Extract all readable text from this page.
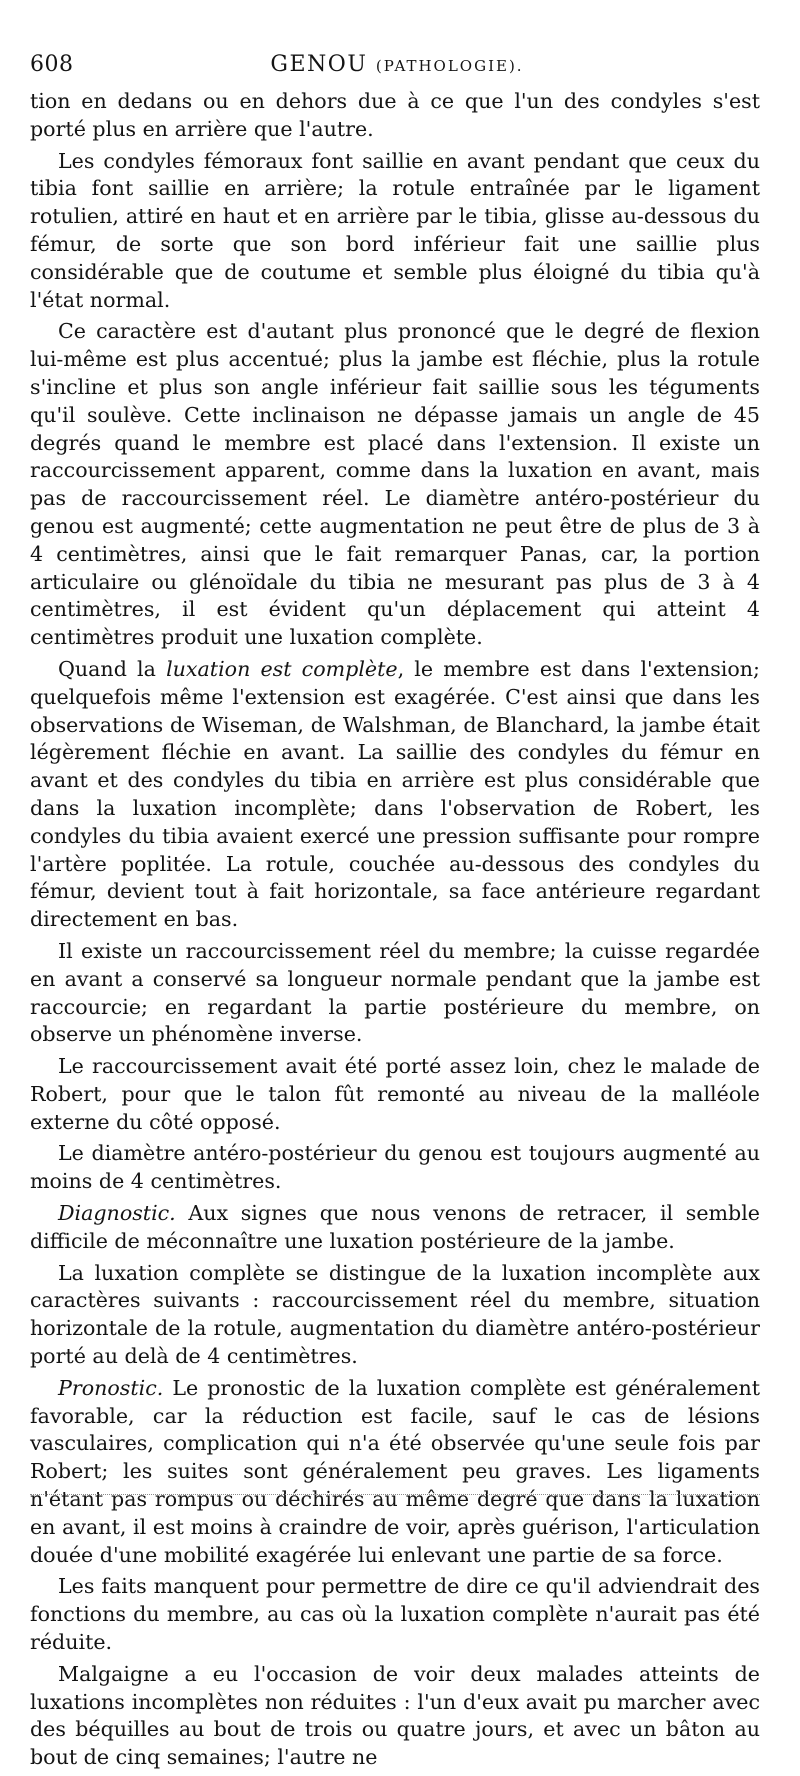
608	GENOU (PATHOLOGIE).

tion en dedans ou en dehors due à ce que l'un des condyles s'est porté plus en arrière que l'autre.

Les condyles fémoraux font saillie en avant pendant que ceux du tibia font saillie en arrière; la rotule entraînée par le ligament rotulien, attiré en haut et en arrière par le tibia, glisse au-dessous du fémur, de sorte que son bord inférieur fait une saillie plus considérable que de coutume et semble plus éloigné du tibia qu'à l'état normal.

Ce caractère est d'autant plus prononcé que le degré de flexion lui-même est plus accentué; plus la jambe est fléchie, plus la rotule s'incline et plus son angle inférieur fait saillie sous les téguments qu'il soulève. Cette inclinaison ne dépasse jamais un angle de 45 degrés quand le membre est placé dans l'extension. Il existe un raccourcissement apparent, comme dans la luxation en avant, mais pas de raccourcissement réel. Le diamètre antéro-postérieur du genou est augmenté; cette augmentation ne peut être de plus de 3 à 4 centimètres, ainsi que le fait remarquer Panas, car, la portion articulaire ou glénoïdale du tibia ne mesurant pas plus de 3 à 4 centimètres, il est évident qu'un déplacement qui atteint 4 centimètres produit une luxation complète.

Quand la luxation est complète, le membre est dans l'extension; quelquefois même l'extension est exagérée. C'est ainsi que dans les observations de Wiseman, de Walshman, de Blanchard, la jambe était légèrement fléchie en avant. La saillie des condyles du fémur en avant et des condyles du tibia en arrière est plus considérable que dans la luxation incomplète; dans l'observation de Robert, les condyles du tibia avaient exercé une pression suffisante pour rompre l'artère poplitée. La rotule, couchée au-dessous des condyles du fémur, devient tout à fait horizontale, sa face antérieure regardant directement en bas.

Il existe un raccourcissement réel du membre; la cuisse regardée en avant a conservé sa longueur normale pendant que la jambe est raccourcie; en regardant la partie postérieure du membre, on observe un phénomène inverse.

Le raccourcissement avait été porté assez loin, chez le malade de Robert, pour que le talon fût remonté au niveau de la malléole externe du côté opposé.

Le diamètre antéro-postérieur du genou est toujours augmenté au moins de 4 centimètres.

Diagnostic. Aux signes que nous venons de retracer, il semble difficile de méconnaître une luxation postérieure de la jambe.

La luxation complète se distingue de la luxation incomplète aux caractères suivants : raccourcissement réel du membre, situation horizontale de la rotule, augmentation du diamètre antéro-postérieur porté au delà de 4 centimètres.

Pronostic. Le pronostic de la luxation complète est généralement favorable, car la réduction est facile, sauf le cas de lésions vasculaires, complication qui n'a été observée qu'une seule fois par Robert; les suites sont généralement peu graves. Les ligaments n'étant pas rompus ou déchirés au même degré que dans la luxation en avant, il est moins à craindre de voir, après guérison, l'articulation douée d'une mobilité exagérée lui enlevant une partie de sa force.

Les faits manquent pour permettre de dire ce qu'il adviendrait des fonctions du membre, au cas où la luxation complète n'aurait pas été réduite.

Malgaigne a eu l'occasion de voir deux malades atteints de luxations incomplètes non réduites : l'un d'eux avait pu marcher avec des béquilles au bout de trois ou quatre jours, et avec un bâton au bout de cinq semaines; l'autre ne
